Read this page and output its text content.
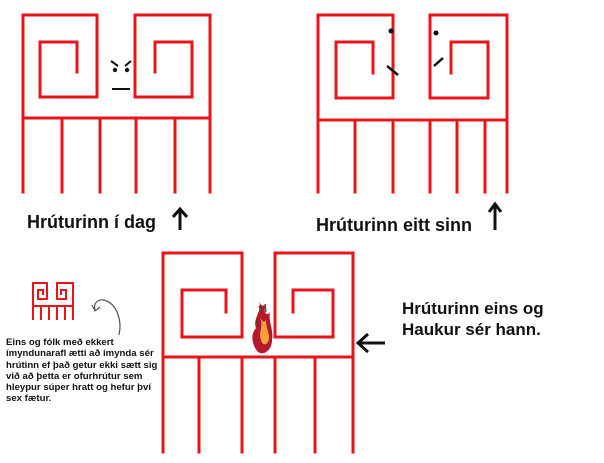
Hrúturinn í dag	Hrúturinn eitt sinn
Hrúturinn eins og Haukur sér hann.
Eins og fólk með ekkert ímyndunarafl ætti að ímynda sér hrútinn ef það getur ekki sætt sig við að þetta er ofurhrútur sem hleypur súper hratt og hefur því sex fætur.
